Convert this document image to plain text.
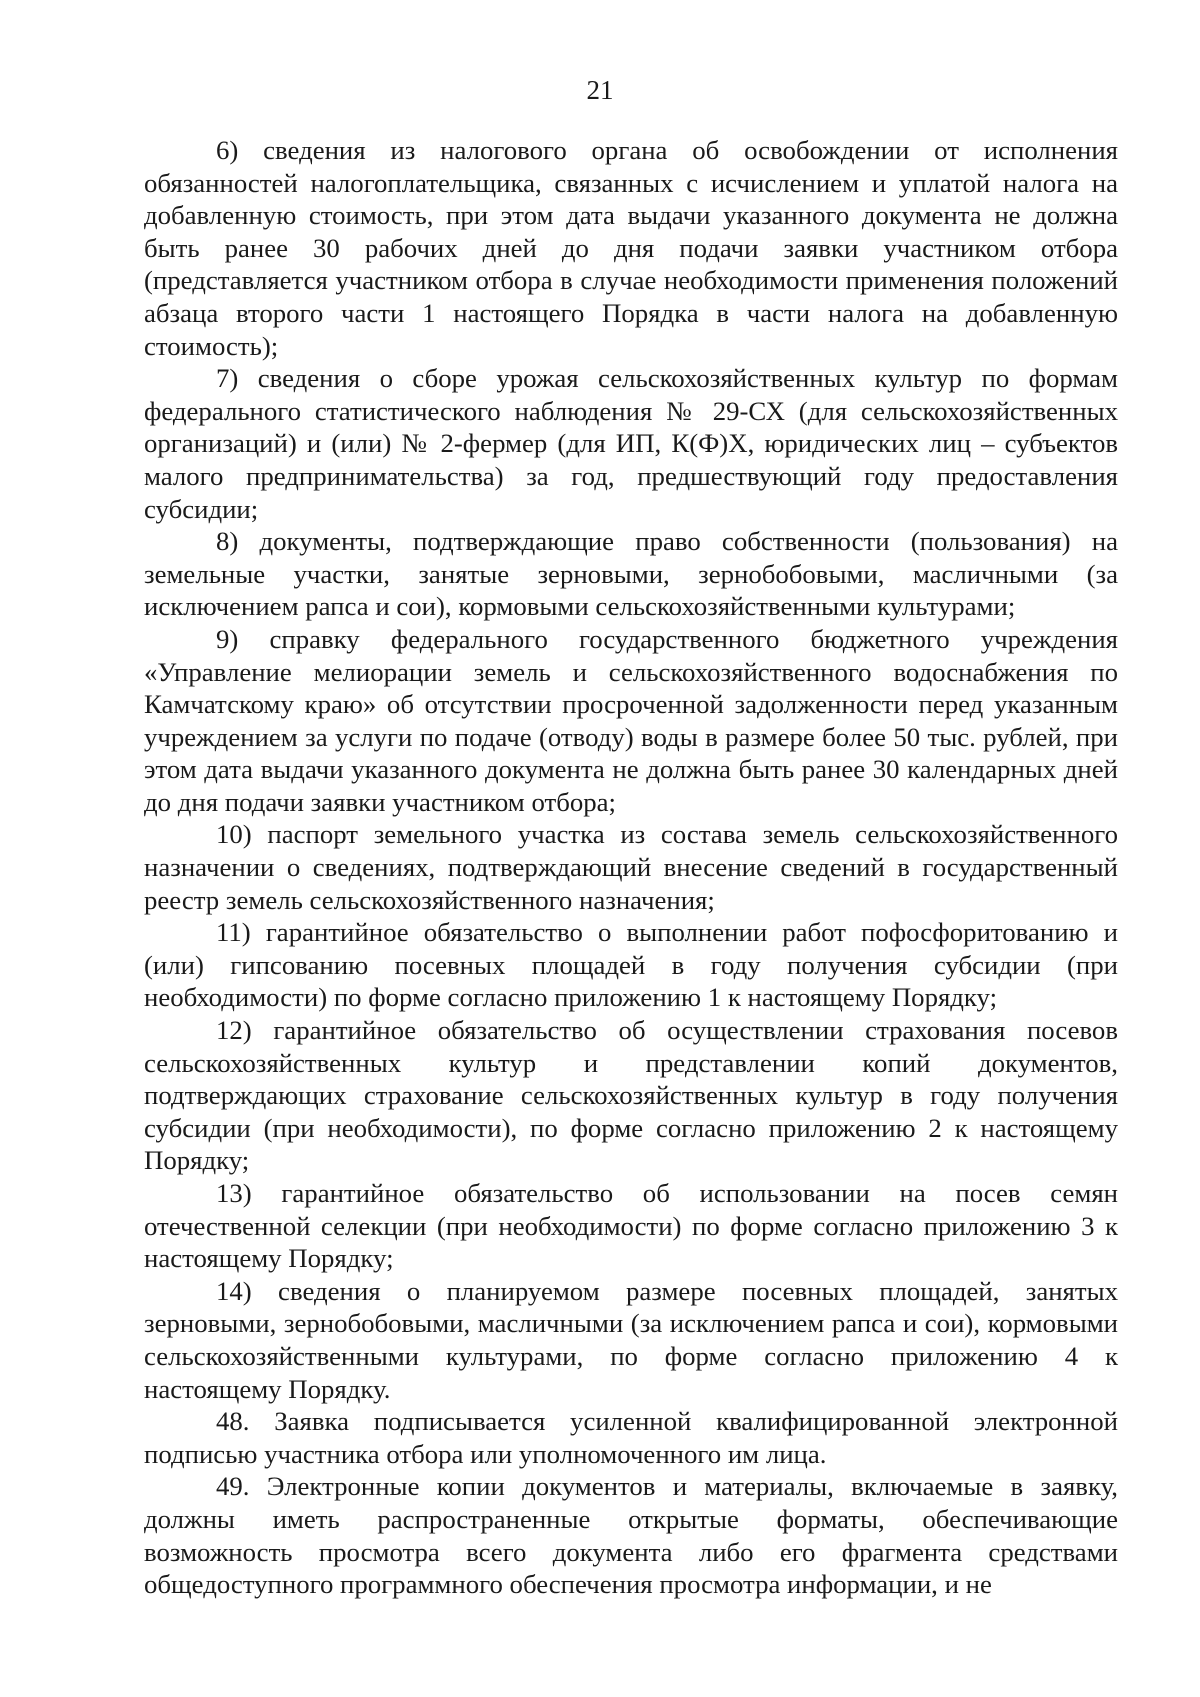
21

6) сведения из налогового органа об освобождении от исполнения обязанностей налогоплательщика, связанных с исчислением и уплатой налога на добавленную стоимость, при этом дата выдачи указанного документа не должна быть ранее 30 рабочих дней до дня подачи заявки участником отбора (представляется участником отбора в случае необходимости применения положений абзаца второго части 1 настоящего Порядка в части налога на добавленную стоимость);

7) сведения о сборе урожая сельскохозяйственных культур по формам федерального статистического наблюдения № 29-СХ (для сельскохозяйственных организаций) и (или) № 2-фермер (для ИП, К(Ф)Х, юридических лиц – субъектов малого предпринимательства) за год, предшествующий году предоставления субсидии;

8) документы, подтверждающие право собственности (пользования) на земельные участки, занятые зерновыми, зернобобовыми, масличными (за исключением рапса и сои), кормовыми сельскохозяйственными культурами;

9) справку федерального государственного бюджетного учреждения «Управление мелиорации земель и сельскохозяйственного водоснабжения по Камчатскому краю» об отсутствии просроченной задолженности перед указанным учреждением за услуги по подаче (отводу) воды в размере более 50 тыс. рублей, при этом дата выдачи указанного документа не должна быть ранее 30 календарных дней до дня подачи заявки участником отбора;

10) паспорт земельного участка из состава земель сельскохозяйственного назначении о сведениях, подтверждающий внесение сведений в государственный реестр земель сельскохозяйственного назначения;

11) гарантийное обязательство о выполнении работ пофосфоритованию и (или) гипсованию посевных площадей в году получения субсидии (при необходимости) по форме согласно приложению 1 к настоящему Порядку;

12) гарантийное обязательство об осуществлении страхования посевов сельскохозяйственных культур и представлении копий документов, подтверждающих страхование сельскохозяйственных культур в году получения субсидии (при необходимости), по форме согласно приложению 2 к настоящему Порядку;

13) гарантийное обязательство об использовании на посев семян отечественной селекции (при необходимости) по форме согласно приложению 3 к настоящему Порядку;

14) сведения о планируемом размере посевных площадей, занятых зерновыми, зернобобовыми, масличными (за исключением рапса и сои), кормовыми сельскохозяйственными культурами, по форме согласно приложению 4 к настоящему Порядку.

48. Заявка подписывается усиленной квалифицированной электронной подписью участника отбора или уполномоченного им лица.

49. Электронные копии документов и материалы, включаемые в заявку, должны иметь распространенные открытые форматы, обеспечивающие возможность просмотра всего документа либо его фрагмента средствами общедоступного программного обеспечения просмотра информации, и не
